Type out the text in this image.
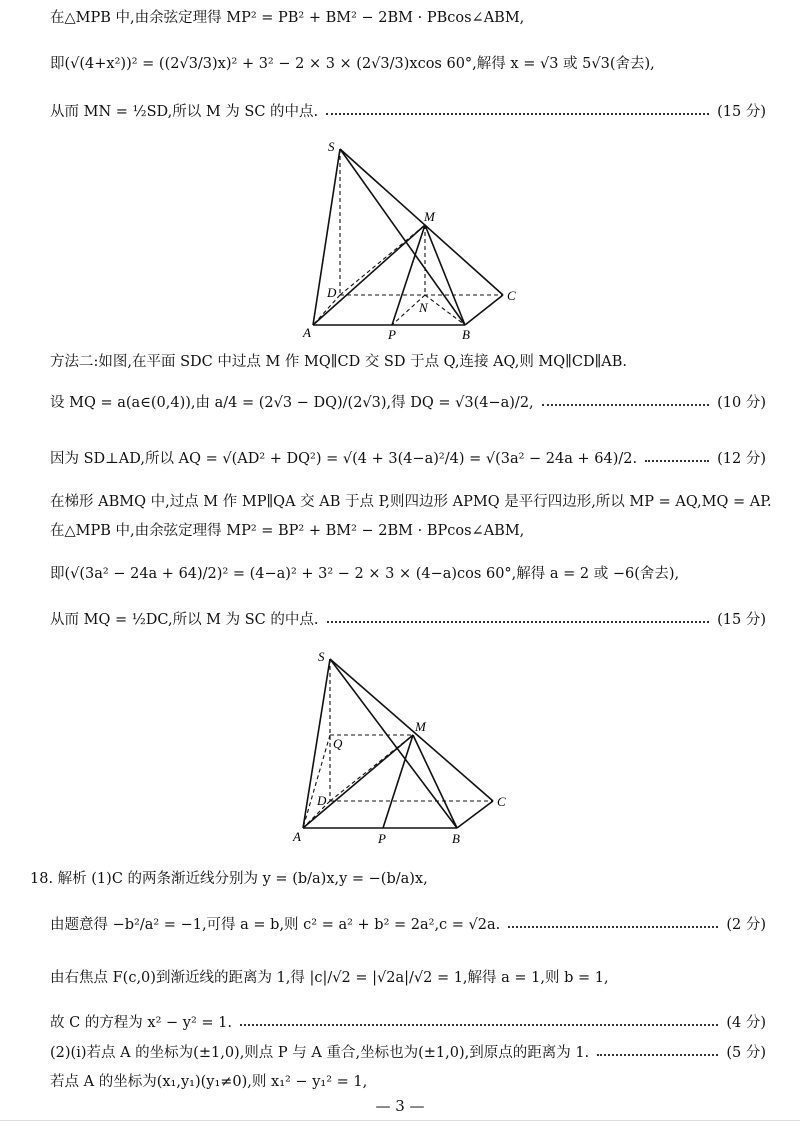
在△MPB 中,由余弦定理得 MP² = PB² + BM² − 2BM · PBcos∠ABM,
即(√(4+x²))² = ((2√3/3)x)² + 3² − 2 × 3 × (2√3/3)xcos 60°,解得 x = √3 或 5√3(舍去),
从而 MN = ½SD,所以 M 为 SC 的中点.	(15 分)
S
M
D	C
N
A	P	B
方法二:如图,在平面 SDC 中过点 M 作 MQ∥CD 交 SD 于点 Q,连接 AQ,则 MQ∥CD∥AB.
设 MQ = a(a∈(0,4)),由 a/4 = (2√3 − DQ)/(2√3),得 DQ = √3(4−a)/2,	(10 分)
因为 SD⊥AD,所以 AQ = √(AD² + DQ²) = √(4 + 3(4−a)²/4) = √(3a² − 24a + 64)/2.	(12 分)
在梯形 ABMQ 中,过点 M 作 MP∥QA 交 AB 于点 P,则四边形 APMQ 是平行四边形,所以 MP = AQ,MQ = AP.
在△MPB 中,由余弦定理得 MP² = BP² + BM² − 2BM · BPcos∠ABM,
即(√(3a² − 24a + 64)/2)² = (4−a)² + 3² − 2 × 3 × (4−a)cos 60°,解得 a = 2 或 −6(舍去),
从而 MQ = ½DC,所以 M 为 SC 的中点.	(15 分)
S
M
Q
D	C
A	P	B
18. 解析 (1)C 的两条渐近线分别为 y = (b/a)x,y = −(b/a)x,
由题意得 −b²/a² = −1,可得 a = b,则 c² = a² + b² = 2a²,c = √2a.	(2 分)
由右焦点 F(c,0)到渐近线的距离为 1,得 |c|/√2 = |√2a|/√2 = 1,解得 a = 1,则 b = 1,
故 C 的方程为 x² − y² = 1.	(4 分)
(2)(ⅰ)若点 A 的坐标为(±1,0),则点 P 与 A 重合,坐标也为(±1,0),到原点的距离为 1.	(5 分)
若点 A 的坐标为(x₁,y₁)(y₁≠0),则 x₁² − y₁² = 1,
— 3 —
